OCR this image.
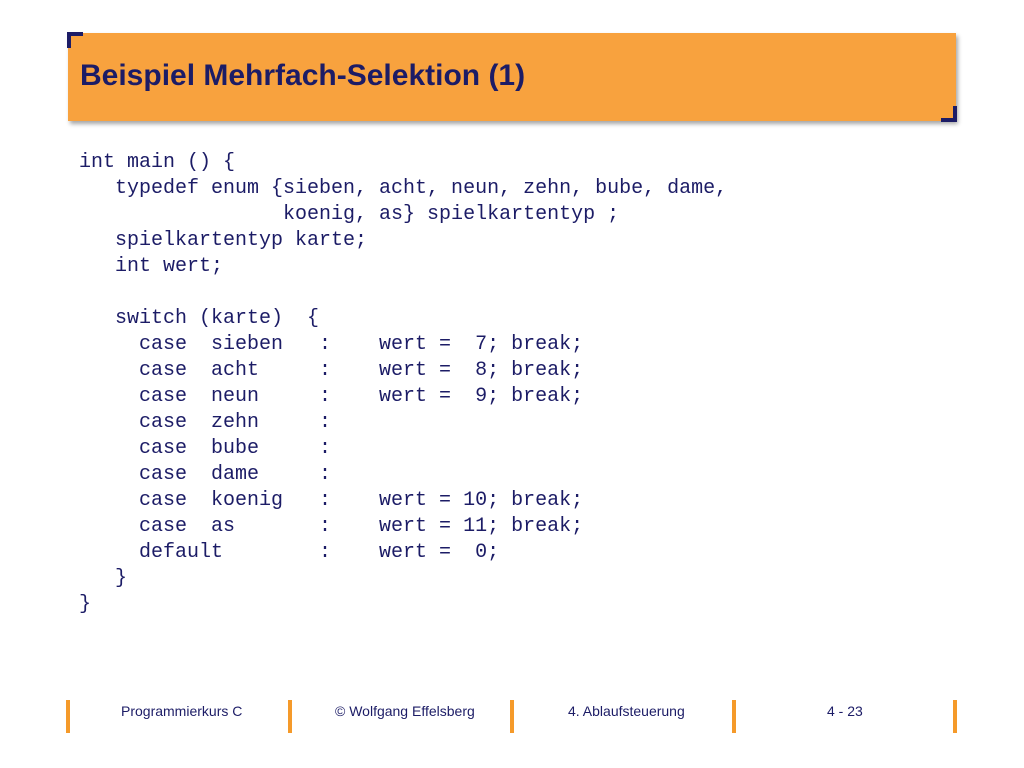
Beispiel Mehrfach-Selektion (1)
int main () {
typedef enum {sieben, acht, neun, zehn, bube, dame,
koenig, as} spielkartentyp ;
spielkartentyp karte;
int wert;
switch (karte)  {
case  sieben   :    wert =  7; break;
case  acht     :    wert =  8; break;
case  neun     :    wert =  9; break;
case  zehn     :
case  bube     :
case  dame     :
case  koenig   :    wert = 10; break;
case  as       :    wert = 11; break;
default        :    wert =  0;
}
}
Programmierkurs C	© Wolfgang Effelsberg	4. Ablaufsteuerung	4 - 23
